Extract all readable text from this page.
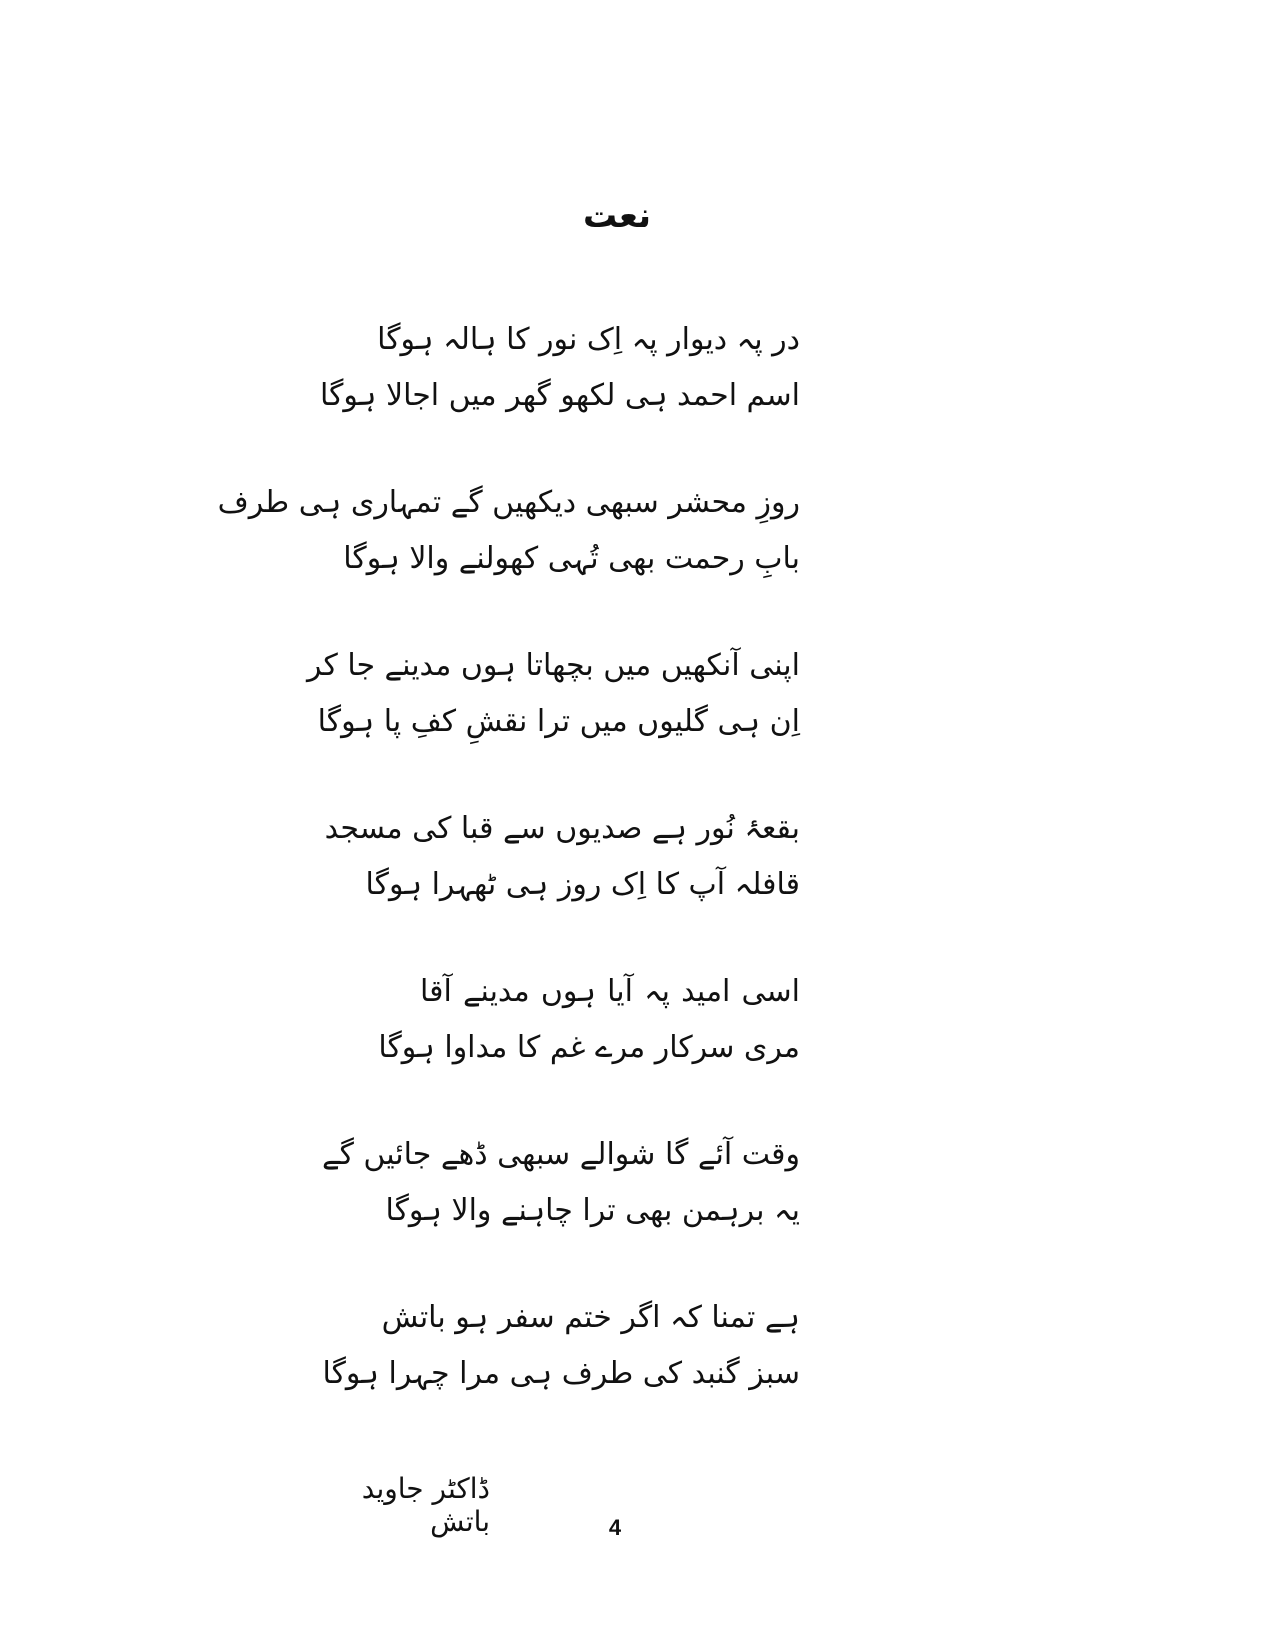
نعت
در پہ دیوار پہ اِک نور کا ہالہ ہوگا
اسم احمد ہی لکھو گھر میں اجالا ہوگا
روزِ محشر سبھی دیکھیں گے تمہاری ہی طرف
بابِ رحمت بھی تُہی کھولنے والا ہوگا
اپنی آنکھیں میں بچھاتا ہوں مدینے جا کر
اِن ہی گلیوں میں ترا نقشِ کفِ پا ہوگا
بقعۂ نُور ہے صدیوں سے قبا کی مسجد
قافلہ آپ کا اِک روز ہی ٹھہرا ہوگا
اسی امید پہ آیا ہوں مدینے آقا
مری سرکار مرے غم کا مداوا ہوگا
وقت آئے گا شوالے سبھی ڈھے جائیں گے
یہ برہمن بھی ترا چاہنے والا ہوگا
ہے تمنا کہ اگر ختم سفر ہو باتش
سبز گنبد کی طرف ہی مرا چہرا ہوگا
ڈاکٹر جاوید باتش	4
